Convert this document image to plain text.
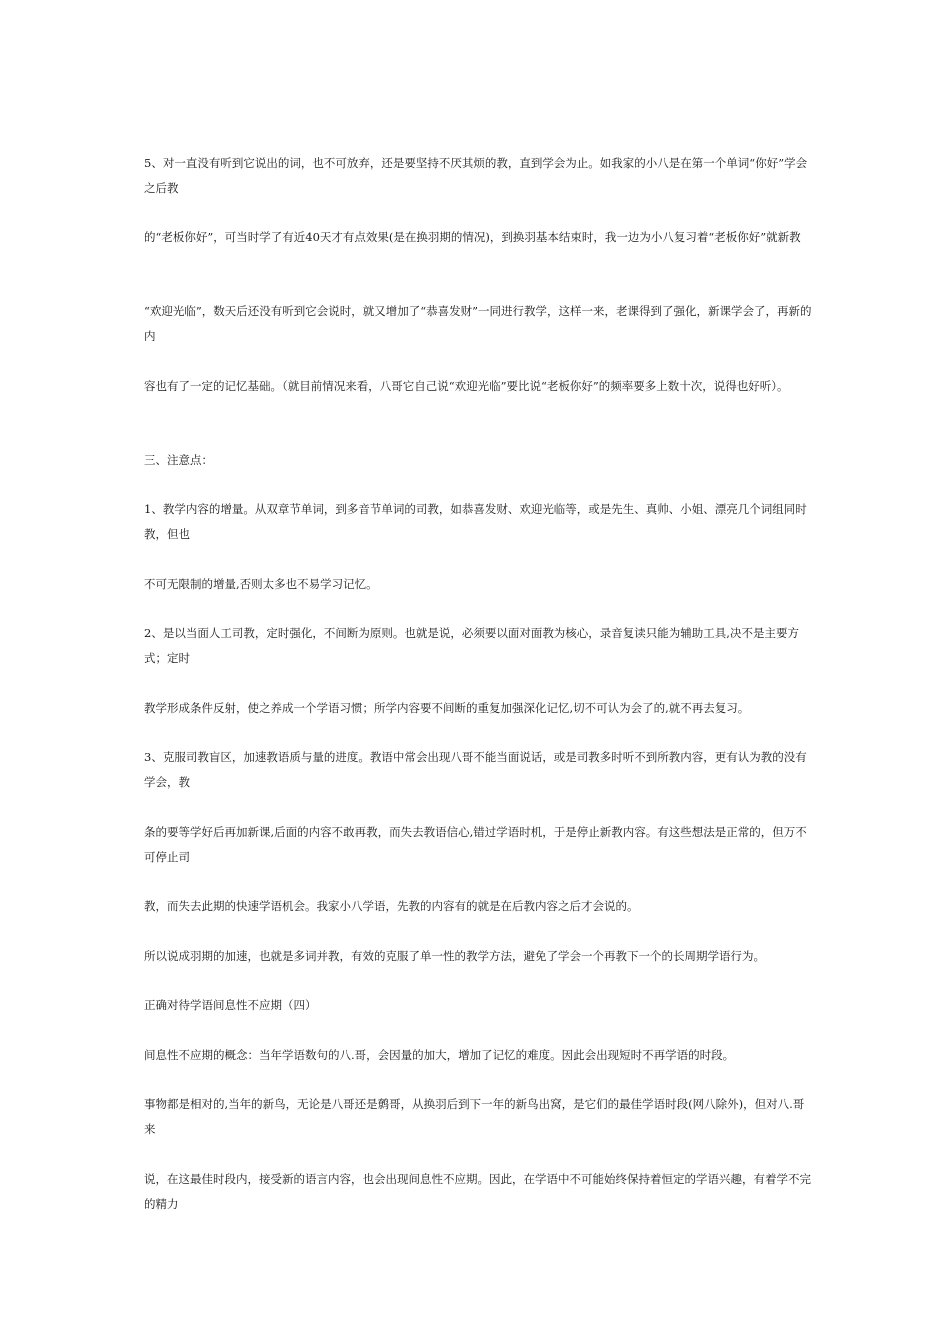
5、对一直没有听到它说出的词，也不可放弃，还是要坚持不厌其烦的教，直到学会为止。如我家的小八是在第一个单词“你好”学会之后教

的“老板你好”，可当时学了有近40天才有点效果(是在换羽期的情况)，到换羽基本结束时，我一边为小八复习着“老板你好”就新教

“欢迎光临”，数天后还没有听到它会说时，就又增加了“恭喜发财”一同进行教学，这样一来，老课得到了强化，新课学会了，再新的内

容也有了一定的记忆基础。（就目前情况来看，八哥它自己说“欢迎光临”要比说“老板你好”的频率要多上数十次，说得也好听）。

三、注意点：

1、教学内容的增量。从双章节单词，到多音节单词的司教，如恭喜发财、欢迎光临等，或是先生、真帅、小姐、漂亮几个词组同时教，但也

不可无限制的增量,否则太多也不易学习记忆。

2、是以当面人工司教，定时强化，不间断为原则。也就是说，必须要以面对面教为核心，录音复读只能为辅助工具,决不是主要方式；定时

教学形成条件反射，使之养成一个学语习惯；所学内容要不间断的重复加强深化记忆,切不可认为会了的,就不再去复习。

3、克服司教盲区，加速教语质与量的进度。教语中常会出现八哥不能当面说话，或是司教多时听不到所教内容，更有认为教的没有学会，教

条的要等学好后再加新课,后面的内容不敢再教，而失去教语信心,错过学语时机，于是停止新教内容。有这些想法是正常的，但万不可停止司

教，而失去此期的快速学语机会。我家小八学语，先教的内容有的就是在后教内容之后才会说的。

所以说成羽期的加速，也就是多词并教，有效的克服了单一性的教学方法，避免了学会一个再教下一个的长周期学语行为。

正确对待学语间息性不应期（四）

间息性不应期的概念：当年学语数句的八.哥，会因量的加大，增加了记忆的难度。因此会出现短时不再学语的时段。

事物都是相对的,当年的新鸟，无论是八哥还是鹩哥，从换羽后到下一年的新鸟出窝，是它们的最佳学语时段(网八除外)，但对八.哥来

说，在这最佳时段内，接受新的语言内容，也会出现间息性不应期。因此，在学语中不可能始终保持着恒定的学语兴趣，有着学不完的精力
